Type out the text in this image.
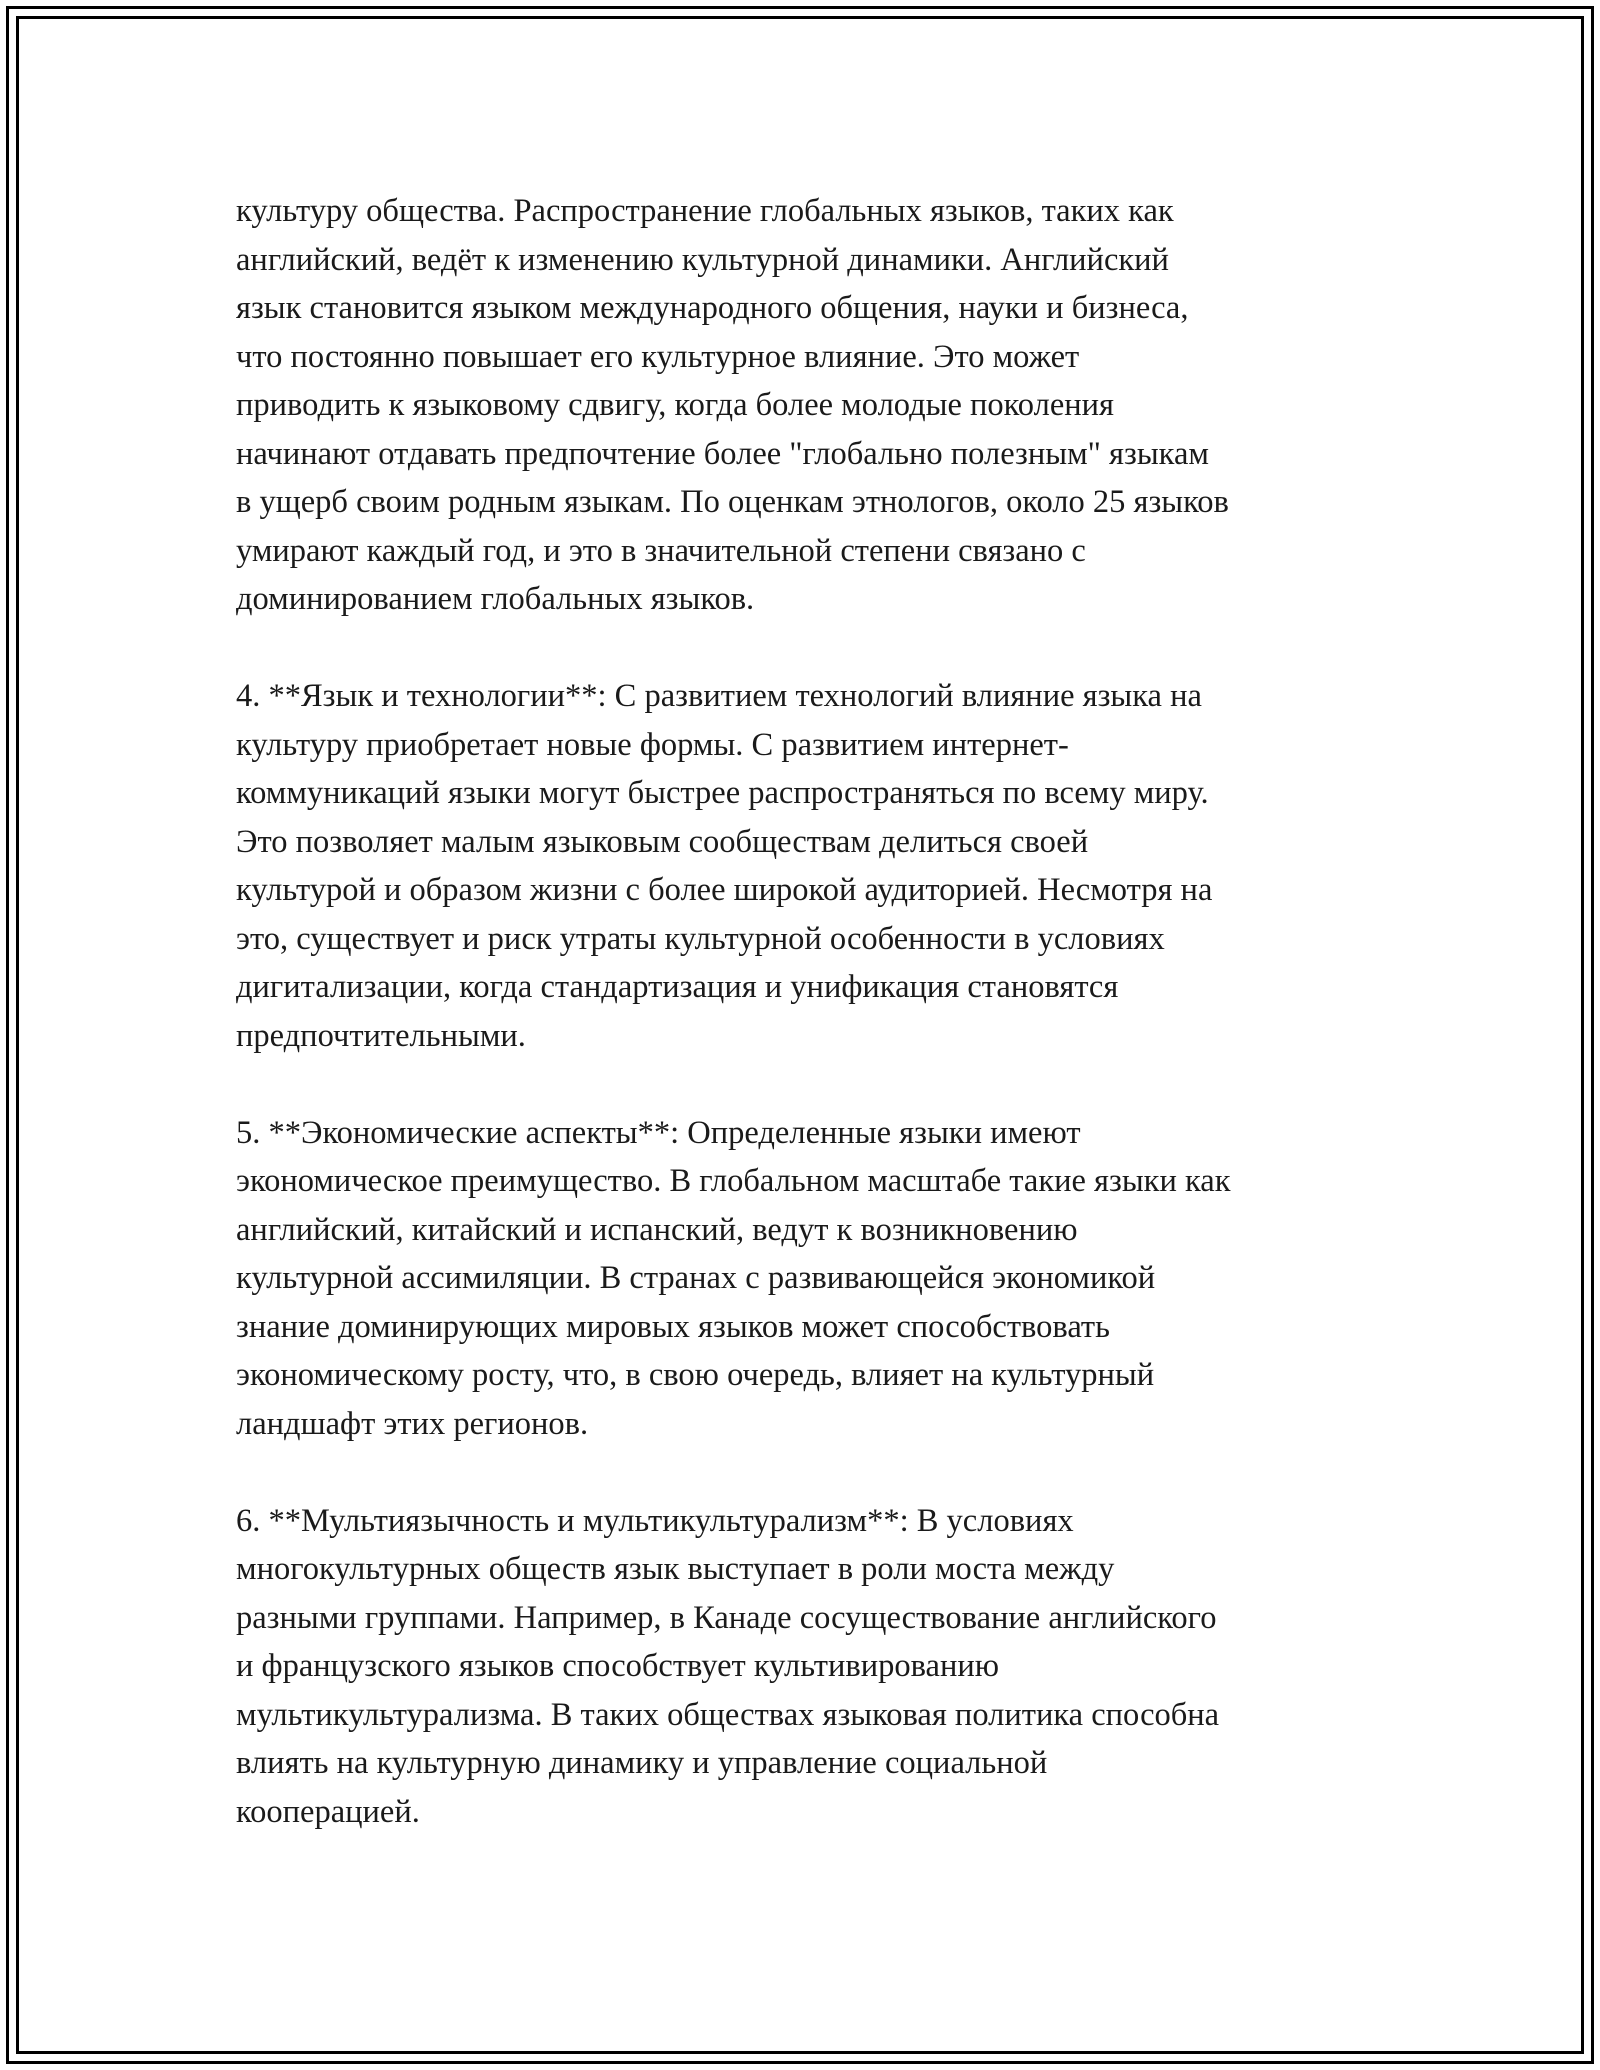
культуру общества. Распространение глобальных языков, таких как
английский, ведёт к изменению культурной динамики. Английский
язык становится языком международного общения, науки и бизнеса,
что постоянно повышает его культурное влияние. Это может
приводить к языковому сдвигу, когда более молодые поколения
начинают отдавать предпочтение более "глобально полезным" языкам
в ущерб своим родным языкам. По оценкам этнологов, около 25 языков
умирают каждый год, и это в значительной степени связано с
доминированием глобальных языков.
4. **Язык и технологии**: С развитием технологий влияние языка на
культуру приобретает новые формы. С развитием интернет-
коммуникаций языки могут быстрее распространяться по всему миру.
Это позволяет малым языковым сообществам делиться своей
культурой и образом жизни с более широкой аудиторией. Несмотря на
это, существует и риск утраты культурной особенности в условиях
дигитализации, когда стандартизация и унификация становятся
предпочтительными.
5. **Экономические аспекты**: Определенные языки имеют
экономическое преимущество. В глобальном масштабе такие языки как
английский, китайский и испанский, ведут к возникновению
культурной ассимиляции. В странах с развивающейся экономикой
знание доминирующих мировых языков может способствовать
экономическому росту, что, в свою очередь, влияет на культурный
ландшафт этих регионов.
6. **Мультиязычность и мультикультурализм**: В условиях
многокультурных обществ язык выступает в роли моста между
разными группами. Например, в Канаде сосуществование английского
и французского языков способствует культивированию
мультикультурализма. В таких обществах языковая политика способна
влиять на культурную динамику и управление социальной
кооперацией.
